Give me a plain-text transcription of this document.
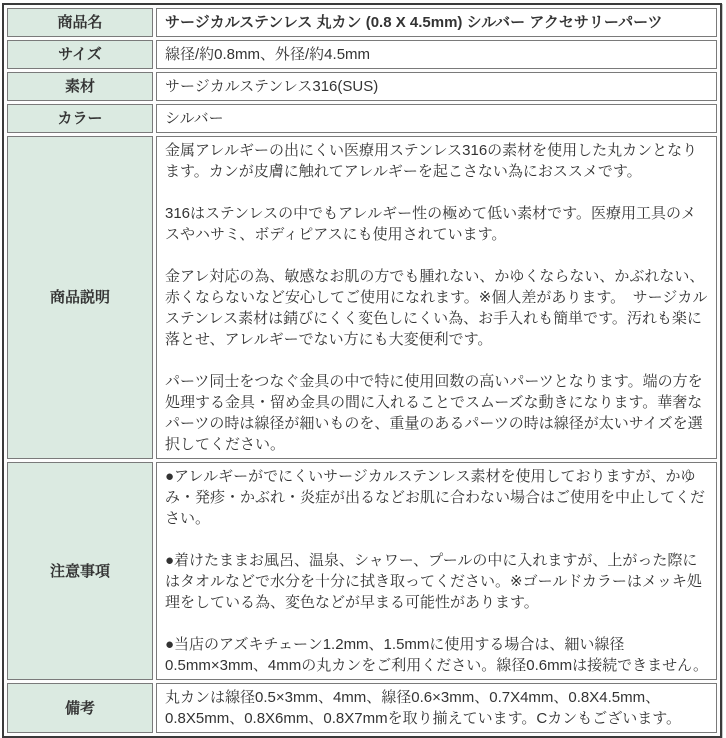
商品名	サージカルステンレス 丸カン (0.8 X 4.5mm) シルバー アクセサリーパーツ

サイズ	線径/約0.8mm、外径/約4.5mm

素材	サージカルステンレス316(SUS)

カラー	シルバー

商品説明	金属アレルギーの出にくい医療用ステンレス316の素材を使用した丸カンとなります。カンが皮膚に触れてアレルギーを起こさない為におススメです。

316はステンレスの中でもアレルギー性の極めて低い素材です。医療用工具のメスやハサミ、ボディピアスにも使用されています。

金アレ対応の為、敏感なお肌の方でも腫れない、かゆくならない、かぶれない、赤くならないなど安心してご使用になれます。※個人差があります。　サージカルステンレス素材は錆びにくく変色しにくい為、お手入れも簡単です。汚れも楽に落とせ、アレルギーでない方にも大変便利です。

パーツ同士をつなぐ金具の中で特に使用回数の高いパーツとなります。端の方を処理する金具・留め金具の間に入れることでスムーズな動きになります。華奢なパーツの時は線径が細いものを、重量のあるパーツの時は線径が太いサイズを選択してください。

注意事項	●アレルギーがでにくいサージカルステンレス素材を使用しておりますが、かゆみ・発疹・かぶれ・炎症が出るなどお肌に合わない場合はご使用を中止してください。

●着けたままお風呂、温泉、シャワー、プールの中に入れますが、上がった際にはタオルなどで水分を十分に拭き取ってください。※ゴールドカラーはメッキ処理をしている為、変色などが早まる可能性があります。

●当店のアズキチェーン1.2mm、1.5mmに使用する場合は、細い線径0.5mm×3mm、4mmの丸カンをご利用ください。線径0.6mmは接続できません。

備考	丸カンは線径0.5×3mm、4mm、線径0.6×3mm、0.7X4mm、0.8X4.5mm、0.8X5mm、0.8X6mm、0.8X7mmを取り揃えています。Cカンもございます。
